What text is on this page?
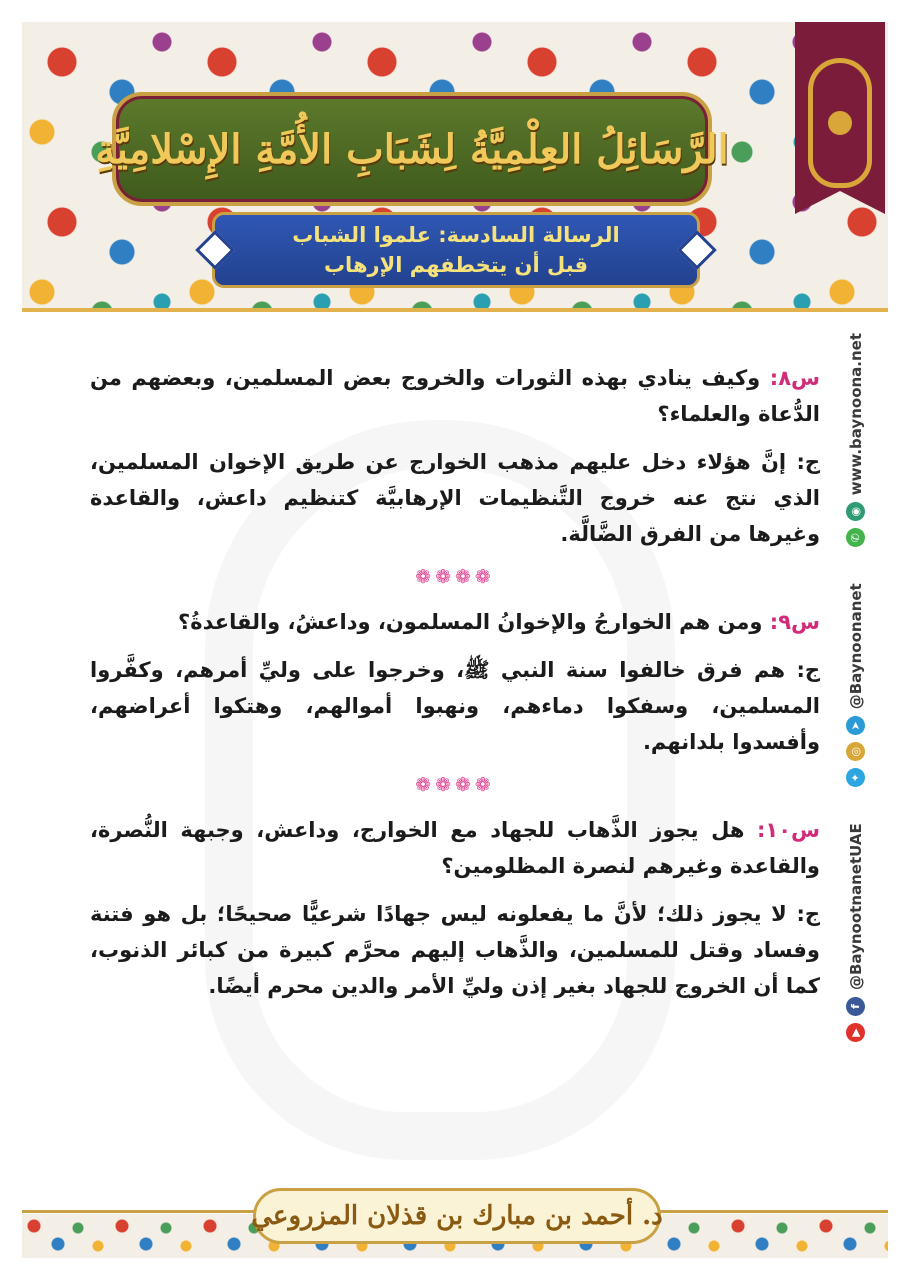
الرَّسَائِلُ العِلْمِيَّةُ لِشَبَابِ الأُمَّةِ الإِسْلامِيَّةِ
الرسالة السادسة: علموا الشباب
قبل أن يتخطفهم الإرهاب
▶
f
@BaynootnanetUAE
✦
◎
➤
@Baynoonanet
✆
◉
www.baynoona.net

س٨: وكيف ينادي بهذه الثورات والخروج بعض المسلمين، وبعضهم من الدُّعاة والعلماء؟

ج: إنَّ هؤلاء دخل عليهم مذهب الخوارج عن طريق الإخوان المسلمين، الذي نتج عنه خروج التَّنظيمات الإرهابيَّة كتنظيم داعش، والقاعدة وغيرها من الفرق الضَّالَّة.

❁❁❁❁

س٩: ومن هم الخوارجُ والإخوانُ المسلمون، وداعشُ، والقاعدةُ؟

ج: هم فرق خالفوا سنة النبي ﷺ، وخرجوا على وليِّ أمرهم، وكفَّروا المسلمين، وسفكوا دماءهم، ونهبوا أموالهم، وهتكوا أعراضهم، وأفسدوا بلدانهم.

❁❁❁❁

س١٠: هل يجوز الذَّهاب للجهاد مع الخوارج، وداعش، وجبهة النُّصرة، والقاعدة وغيرهم لنصرة المظلومين؟

ج: لا يجوز ذلك؛ لأنَّ ما يفعلونه ليس جهادًا شرعيًّا صحيحًا؛ بل هو فتنة وفساد وقتل للمسلمين، والذَّهاب إليهم محرَّم كبيرة من كبائر الذنوب، كما أن الخروج للجهاد بغير إذن وليِّ الأمر والدين محرم أيضًا.

د. أحمد بن مبارك بن قذلان المزروعي
